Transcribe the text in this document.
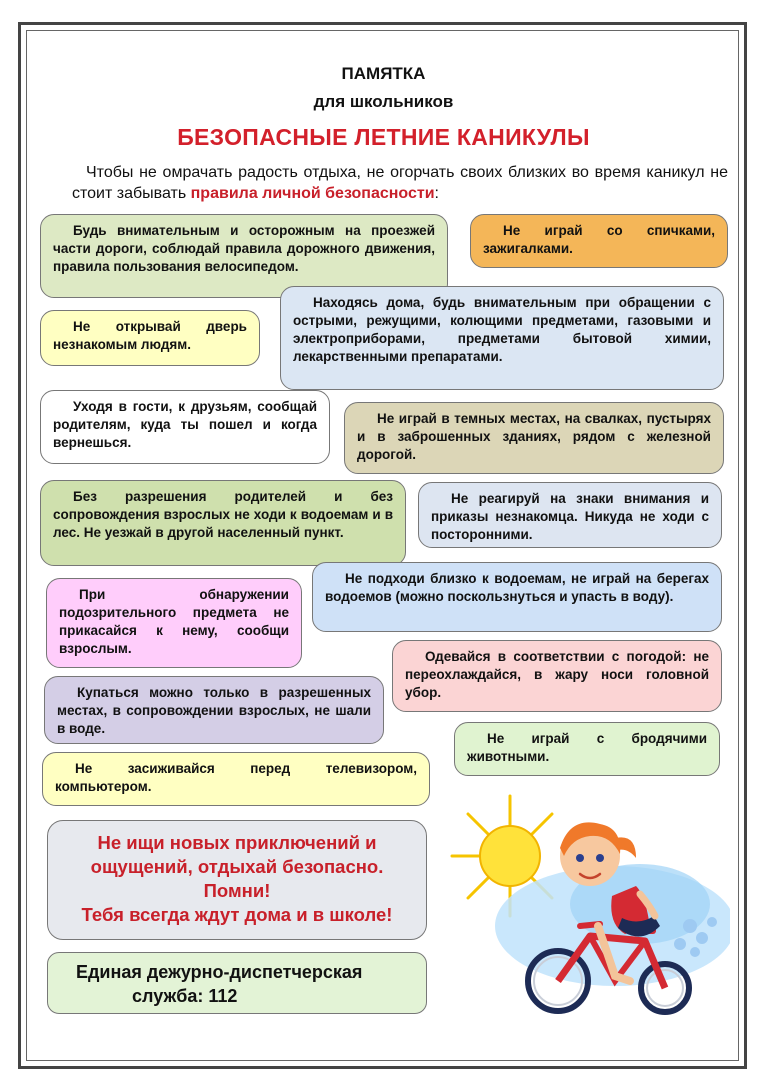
ПАМЯТКА
для школьников
БЕЗОПАСНЫЕ ЛЕТНИЕ КАНИКУЛЫ
Чтобы не омрачать радость отдыха, не огорчать своих близких во время каникул не стоит забывать правила личной безопасности:
Будь внимательным и осторожным на проезжей части дороги, соблюдай правила дорожного движения, правила пользования велосипедом.
Не играй со спичками, зажигалками.
Находясь дома, будь внимательным при обращении с острыми, режущими, колющими предметами, газовыми и электроприборами, предметами бытовой химии, лекарственными препаратами.
Не открывай дверь незнакомым людям.
Уходя в гости, к друзьям, сообщай родителям, куда ты пошел и когда вернешься.
Не играй в темных местах, на свалках, пустырях и в заброшенных зданиях, рядом с железной дорогой.
Без разрешения родителей и без сопровождения взрослых не ходи к водоемам и в лес. Не уезжай в другой населенный пункт.
Не реагируй на знаки внимания и приказы незнакомца. Никуда не ходи с посторонними.
При обнаружении подозрительного предмета не прикасайся к нему, сообщи взрослым.
Не подходи близко к водоемам, не играй на берегах водоемов (можно поскользнуться и упасть в воду).
Одевайся в соответствии с погодой: не переохлаждайся, в жару носи головной убор.
Купаться можно только в разрешенных местах, в сопровождении взрослых, не шали в воде.
Не играй с бродячими животными.
Не засиживайся перед телевизором, компьютером.
Не ищи новых приключений и
ощущений, отдыхай безопасно.
Помни!
Тебя всегда ждут дома и в школе!
Единая дежурно-диспетчерская
служба: 112
